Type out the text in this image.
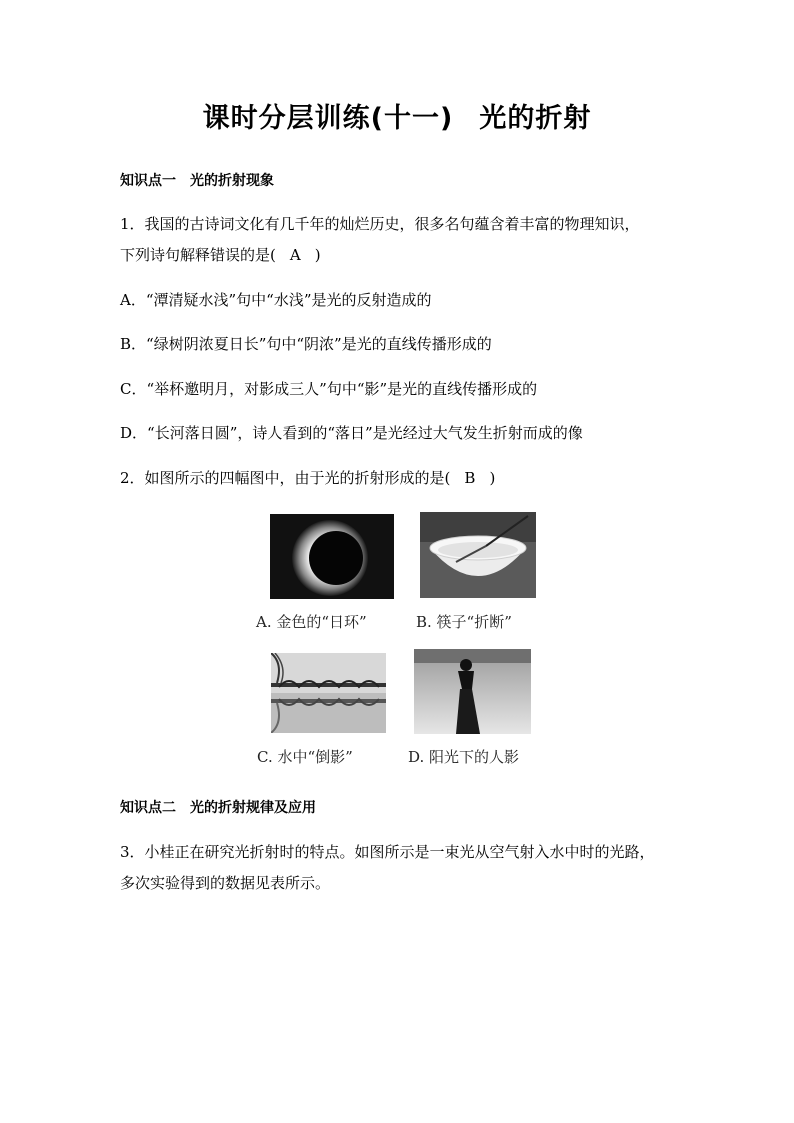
课时分层训练(十一) 光的折射
知识点一　光的折射现象
1．我国的古诗词文化有几千年的灿烂历史，很多名句蕴含着丰富的物理知识，
下列诗句解释错误的是( A )
A．“潭清疑水浅”句中“水浅”是光的反射造成的
B．“绿树阴浓夏日长”句中“阴浓”是光的直线传播形成的
C．“举杯邀明月，对影成三人”句中“影”是光的直线传播形成的
D．“长河落日圆”，诗人看到的“落日”是光经过大气发生折射而成的像
2．如图所示的四幅图中，由于光的折射形成的是( B )
A. 金色的“日环”	B. 筷子“折断”
C. 水中“倒影”	D. 阳光下的人影
知识点二　光的折射规律及应用
3．小桂正在研究光折射时的特点。如图所示是一束光从空气射入水中时的光路，
多次实验得到的数据见表所示。
